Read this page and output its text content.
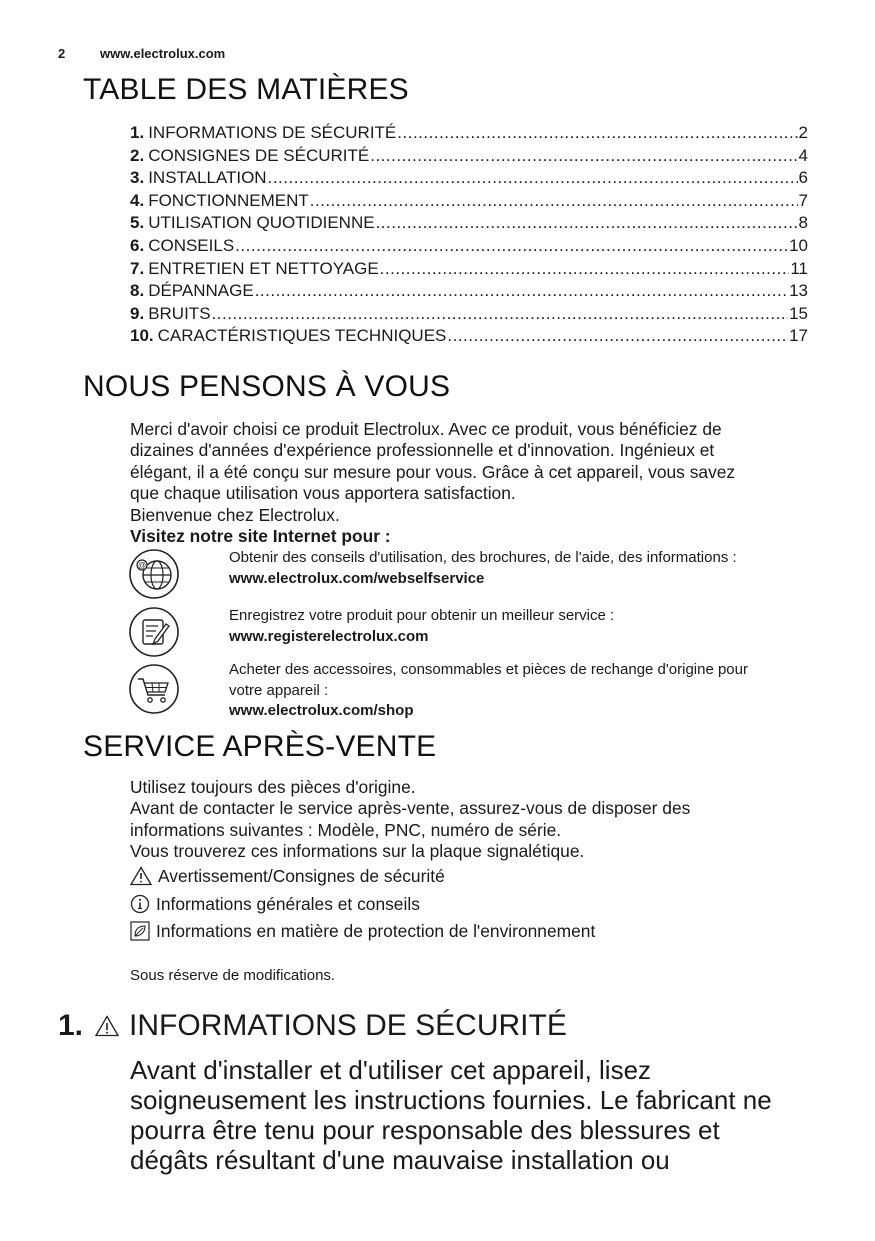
2	www.electrolux.com
TABLE DES MATIÈRES
1. INFORMATIONS DE SÉCURITÉ .....	2
2. CONSIGNES DE SÉCURITÉ .....	4
3. INSTALLATION .....	6
4. FONCTIONNEMENT .....	7
5. UTILISATION QUOTIDIENNE .....	8
6. CONSEILS .....	10
7. ENTRETIEN ET NETTOYAGE .....	11
8. DÉPANNAGE .....	13
9. BRUITS .....	15
10. CARACTÉRISTIQUES TECHNIQUES .....	17
NOUS PENSONS À VOUS

Merci d'avoir choisi ce produit Electrolux. Avec ce produit, vous bénéficiez de

dizaines d'années d'expérience professionnelle et d'innovation. Ingénieux et

élégant, il a été conçu sur mesure pour vous. Grâce à cet appareil, vous savez

que chaque utilisation vous apportera satisfaction.

Bienvenue chez Electrolux.

Visitez notre site Internet pour :

@	Obtenir des conseils d'utilisation, des brochures, de l'aide, des informations :
www.electrolux.com/webselfservice
Enregistrez votre produit pour obtenir un meilleur service :
www.registerelectrolux.com
Acheter des accessoires, consommables et pièces de rechange d'origine pour
votre appareil :
www.electrolux.com/shop
SERVICE APRÈS-VENTE

Utilisez toujours des pièces d'origine.

Avant de contacter le service après-vente, assurez-vous de disposer des

informations suivantes : Modèle, PNC, numéro de série.

Vous trouverez ces informations sur la plaque signalétique.

Avertissement/Consignes de sécurité
Informations générales et conseils
Informations en matière de protection de l'environnement
Sous réserve de modifications.
1. INFORMATIONS DE SÉCURITÉ
Avant d'installer et d'utiliser cet appareil, lisez
soigneusement les instructions fournies. Le fabricant ne
pourra être tenu pour responsable des blessures et
dégâts résultant d'une mauvaise installation ou
